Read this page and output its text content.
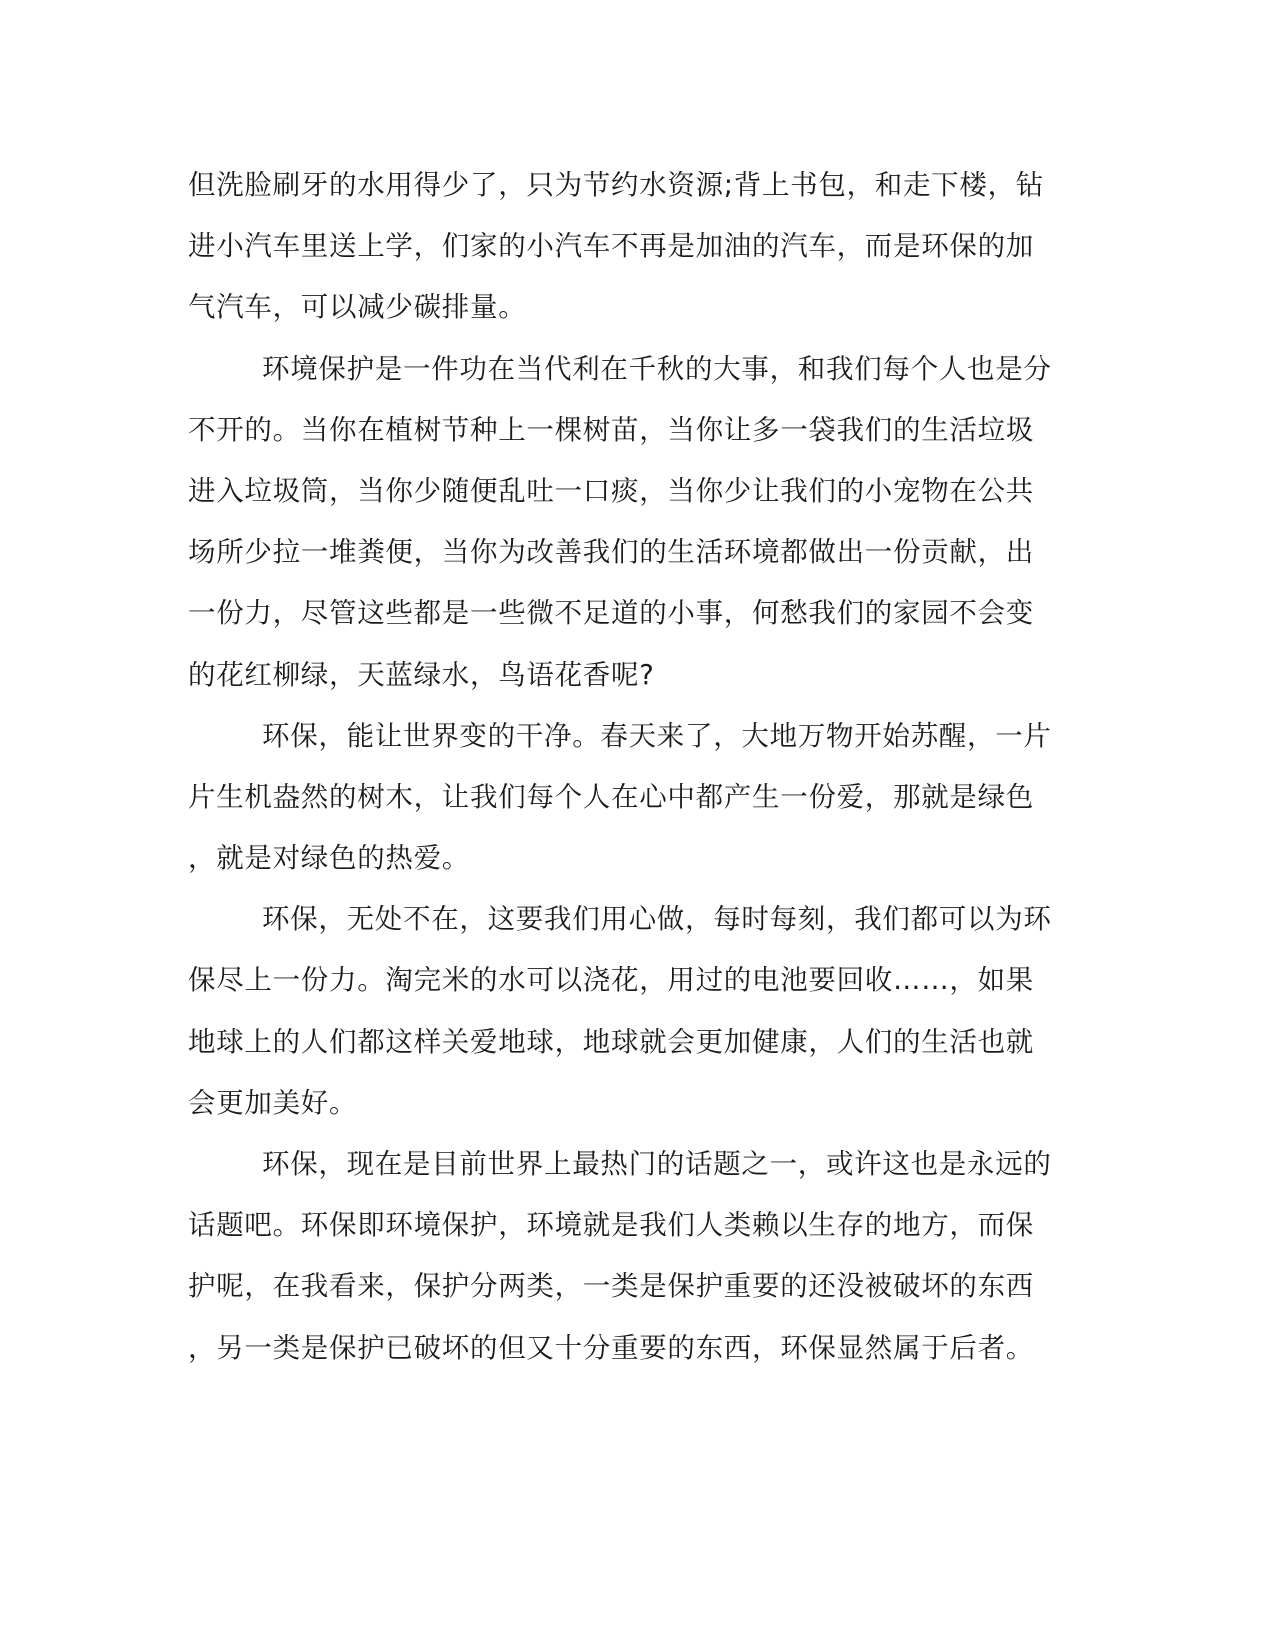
但洗脸刷牙的水用得少了，只为节约水资源;背上书包，和走下楼，钻
进小汽车里送上学，们家的小汽车不再是加油的汽车，而是环保的加
气汽车，可以减少碳排量。
环境保护是一件功在当代利在千秋的大事，和我们每个人也是分
不开的。当你在植树节种上一棵树苗，当你让多一袋我们的生活垃圾
进入垃圾筒，当你少随便乱吐一口痰，当你少让我们的小宠物在公共
场所少拉一堆粪便，当你为改善我们的生活环境都做出一份贡献，出
一份力，尽管这些都是一些微不足道的小事，何愁我们的家园不会变
的花红柳绿，天蓝绿水，鸟语花香呢?
环保，能让世界变的干净。春天来了，大地万物开始苏醒，一片
片生机盎然的树木，让我们每个人在心中都产生一份爱，那就是绿色
，就是对绿色的热爱。
环保，无处不在，这要我们用心做，每时每刻，我们都可以为环
保尽上一份力。淘完米的水可以浇花，用过的电池要回收……，如果
地球上的人们都这样关爱地球，地球就会更加健康，人们的生活也就
会更加美好。
环保，现在是目前世界上最热门的话题之一，或许这也是永远的
话题吧。环保即环境保护，环境就是我们人类赖以生存的地方，而保
护呢，在我看来，保护分两类，一类是保护重要的还没被破坏的东西
，另一类是保护已破坏的但又十分重要的东西，环保显然属于后者。
